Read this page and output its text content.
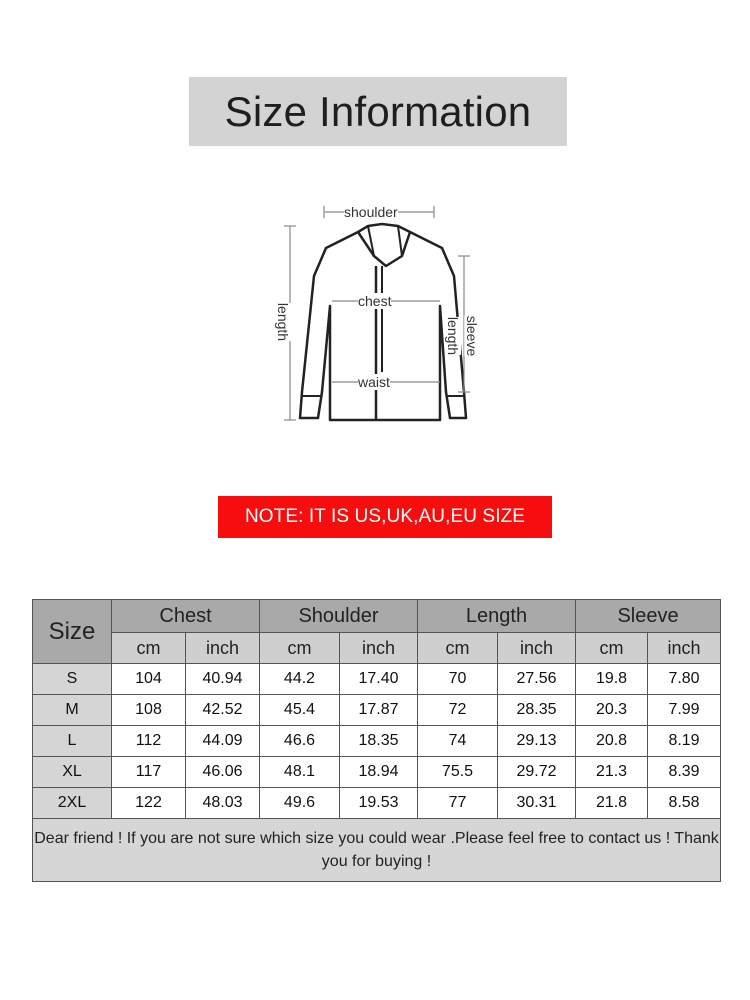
Size Information
shoulder
chest
waist
length	sleeve
length
NOTE: IT IS US,UK,AU,EU SIZE
Size	Chest		Shoulder		Length		Sleeve	
	cm	inch	cm	inch	cm	inch	cm	inch
S	104	40.94	44.2	17.40	70	27.56	19.8	7.80
M	108	42.52	45.4	17.87	72	28.35	20.3	7.99
L	112	44.09	46.6	18.35	74	29.13	20.8	8.19
XL	117	46.06	48.1	18.94	75.5	29.72	21.3	8.39
2XL	122	48.03	49.6	19.53	77	30.31	21.8	8.58
Dear friend ! If you are not sure which size you could wear .Please feel free to contact us ! Thank you for buying !								
